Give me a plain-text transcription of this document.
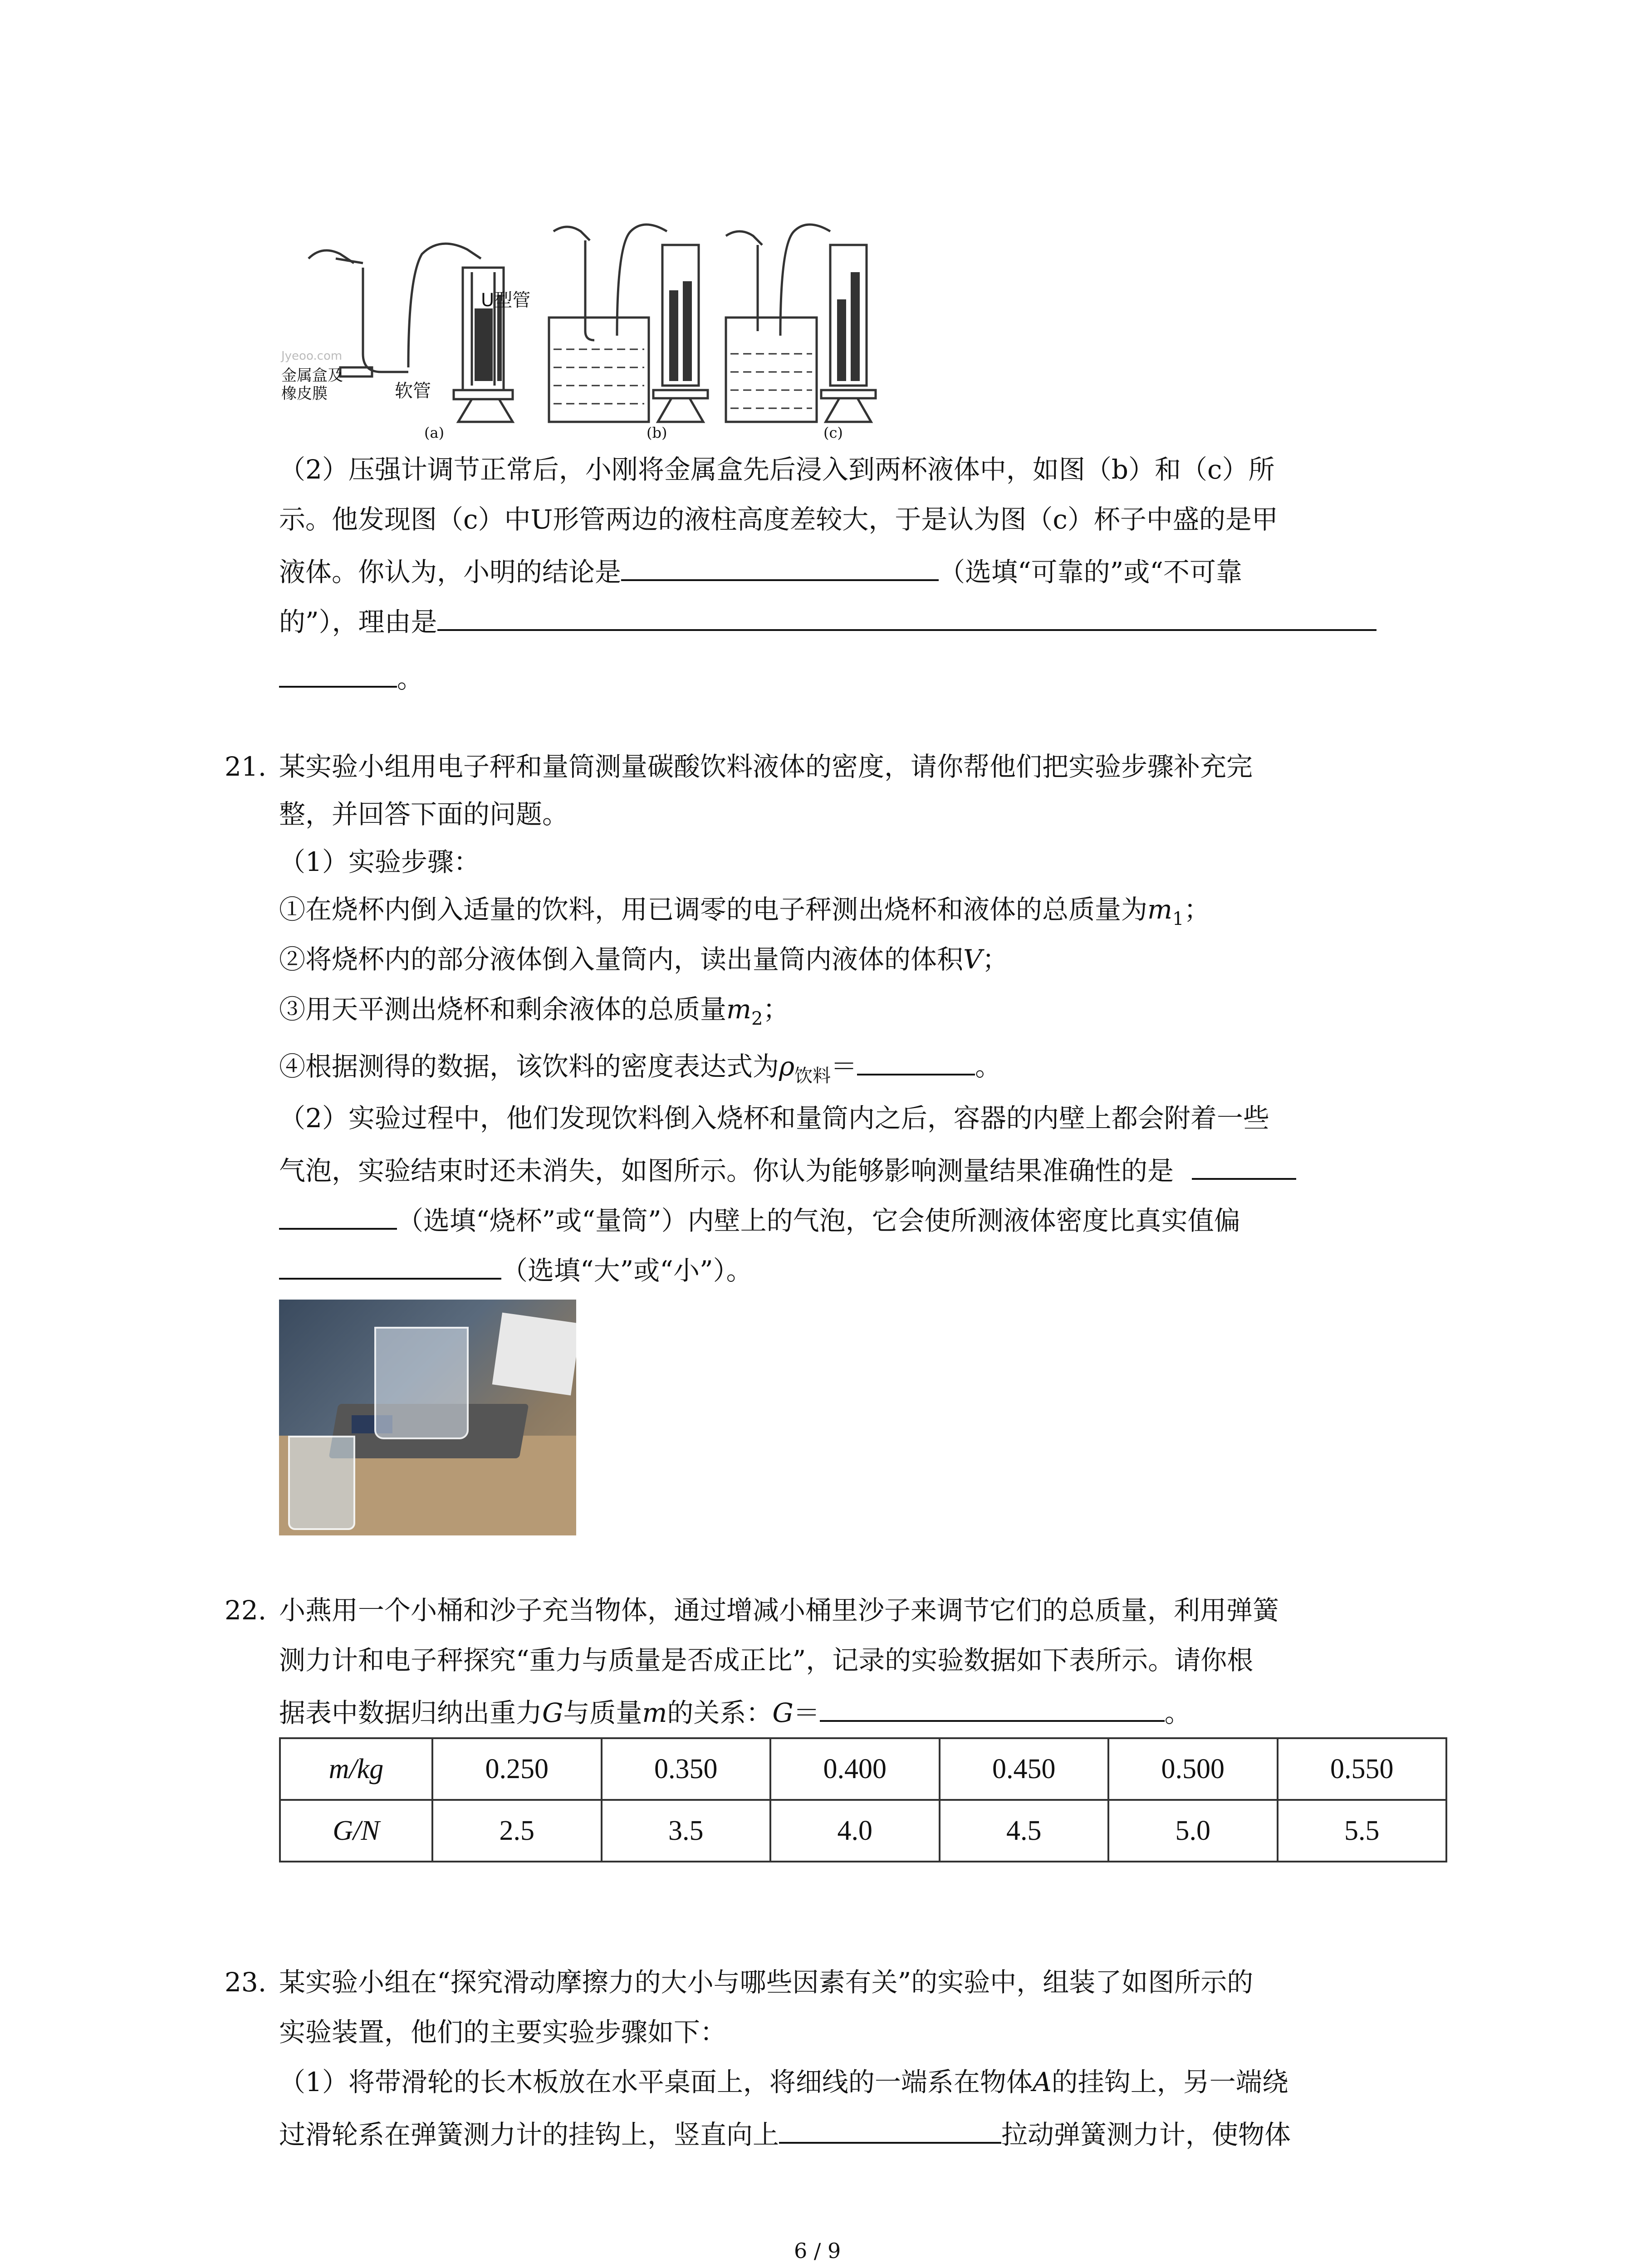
U型管
金属盒及
橡皮膜	软管
Jyeoo.com
(a)	(b)	(c)
（2）压强计调节正常后，小刚将金属盒先后浸入到两杯液体中，如图（b）和（c）所
示。他发现图（c）中U形管两边的液柱高度差较大，于是认为图（c）杯子中盛的是甲
液体。你认为，小明的结论是	（选填“可靠的”或“不可靠
的”），理由是
。
21. 某实验小组用电子秤和量筒测量碳酸饮料液体的密度，请你帮他们把实验步骤补充完
整，并回答下面的问题。
（1）实验步骤：
①在烧杯内倒入适量的饮料，用已调零的电子秤测出烧杯和液体的总质量为$m_1$；
②将烧杯内的部分液体倒入量筒内，读出量筒内液体的体积V；
③用天平测出烧杯和剩余液体的总质量$m_2$；
④根据测得的数据，该饮料的密度表达式为$\rho_{饮料}=$	。
（2）实验过程中，他们发现饮料倒入烧杯和量筒内之后，容器的内壁上都会附着一些
气泡，实验结束时还未消失，如图所示。你认为能够影响测量结果准确性的是
（选填“烧杯”或“量筒”）内壁上的气泡，它会使所测液体密度比真实值偏
（选填“大”或“小”）。
22. 小燕用一个小桶和沙子充当物体，通过增减小桶里沙子来调节它们的总质量，利用弹簧
测力计和电子秤探究“重力与质量是否成正比”，记录的实验数据如下表所示。请你根
据表中数据归纳出重力G与质量m的关系：G＝	。
m/kg	0.250	0.350	0.400	0.450	0.500	0.550
G/N	2.5	3.5	4.0	4.5	5.0	5.5
23. 某实验小组在“探究滑动摩擦力的大小与哪些因素有关”的实验中，组装了如图所示的
实验装置，他们的主要实验步骤如下：
（1）将带滑轮的长木板放在水平桌面上，将细线的一端系在物体A的挂钩上，另一端绕
过滑轮系在弹簧测力计的挂钩上，竖直向上	拉动弹簧测力计，使物体
6 / 9
